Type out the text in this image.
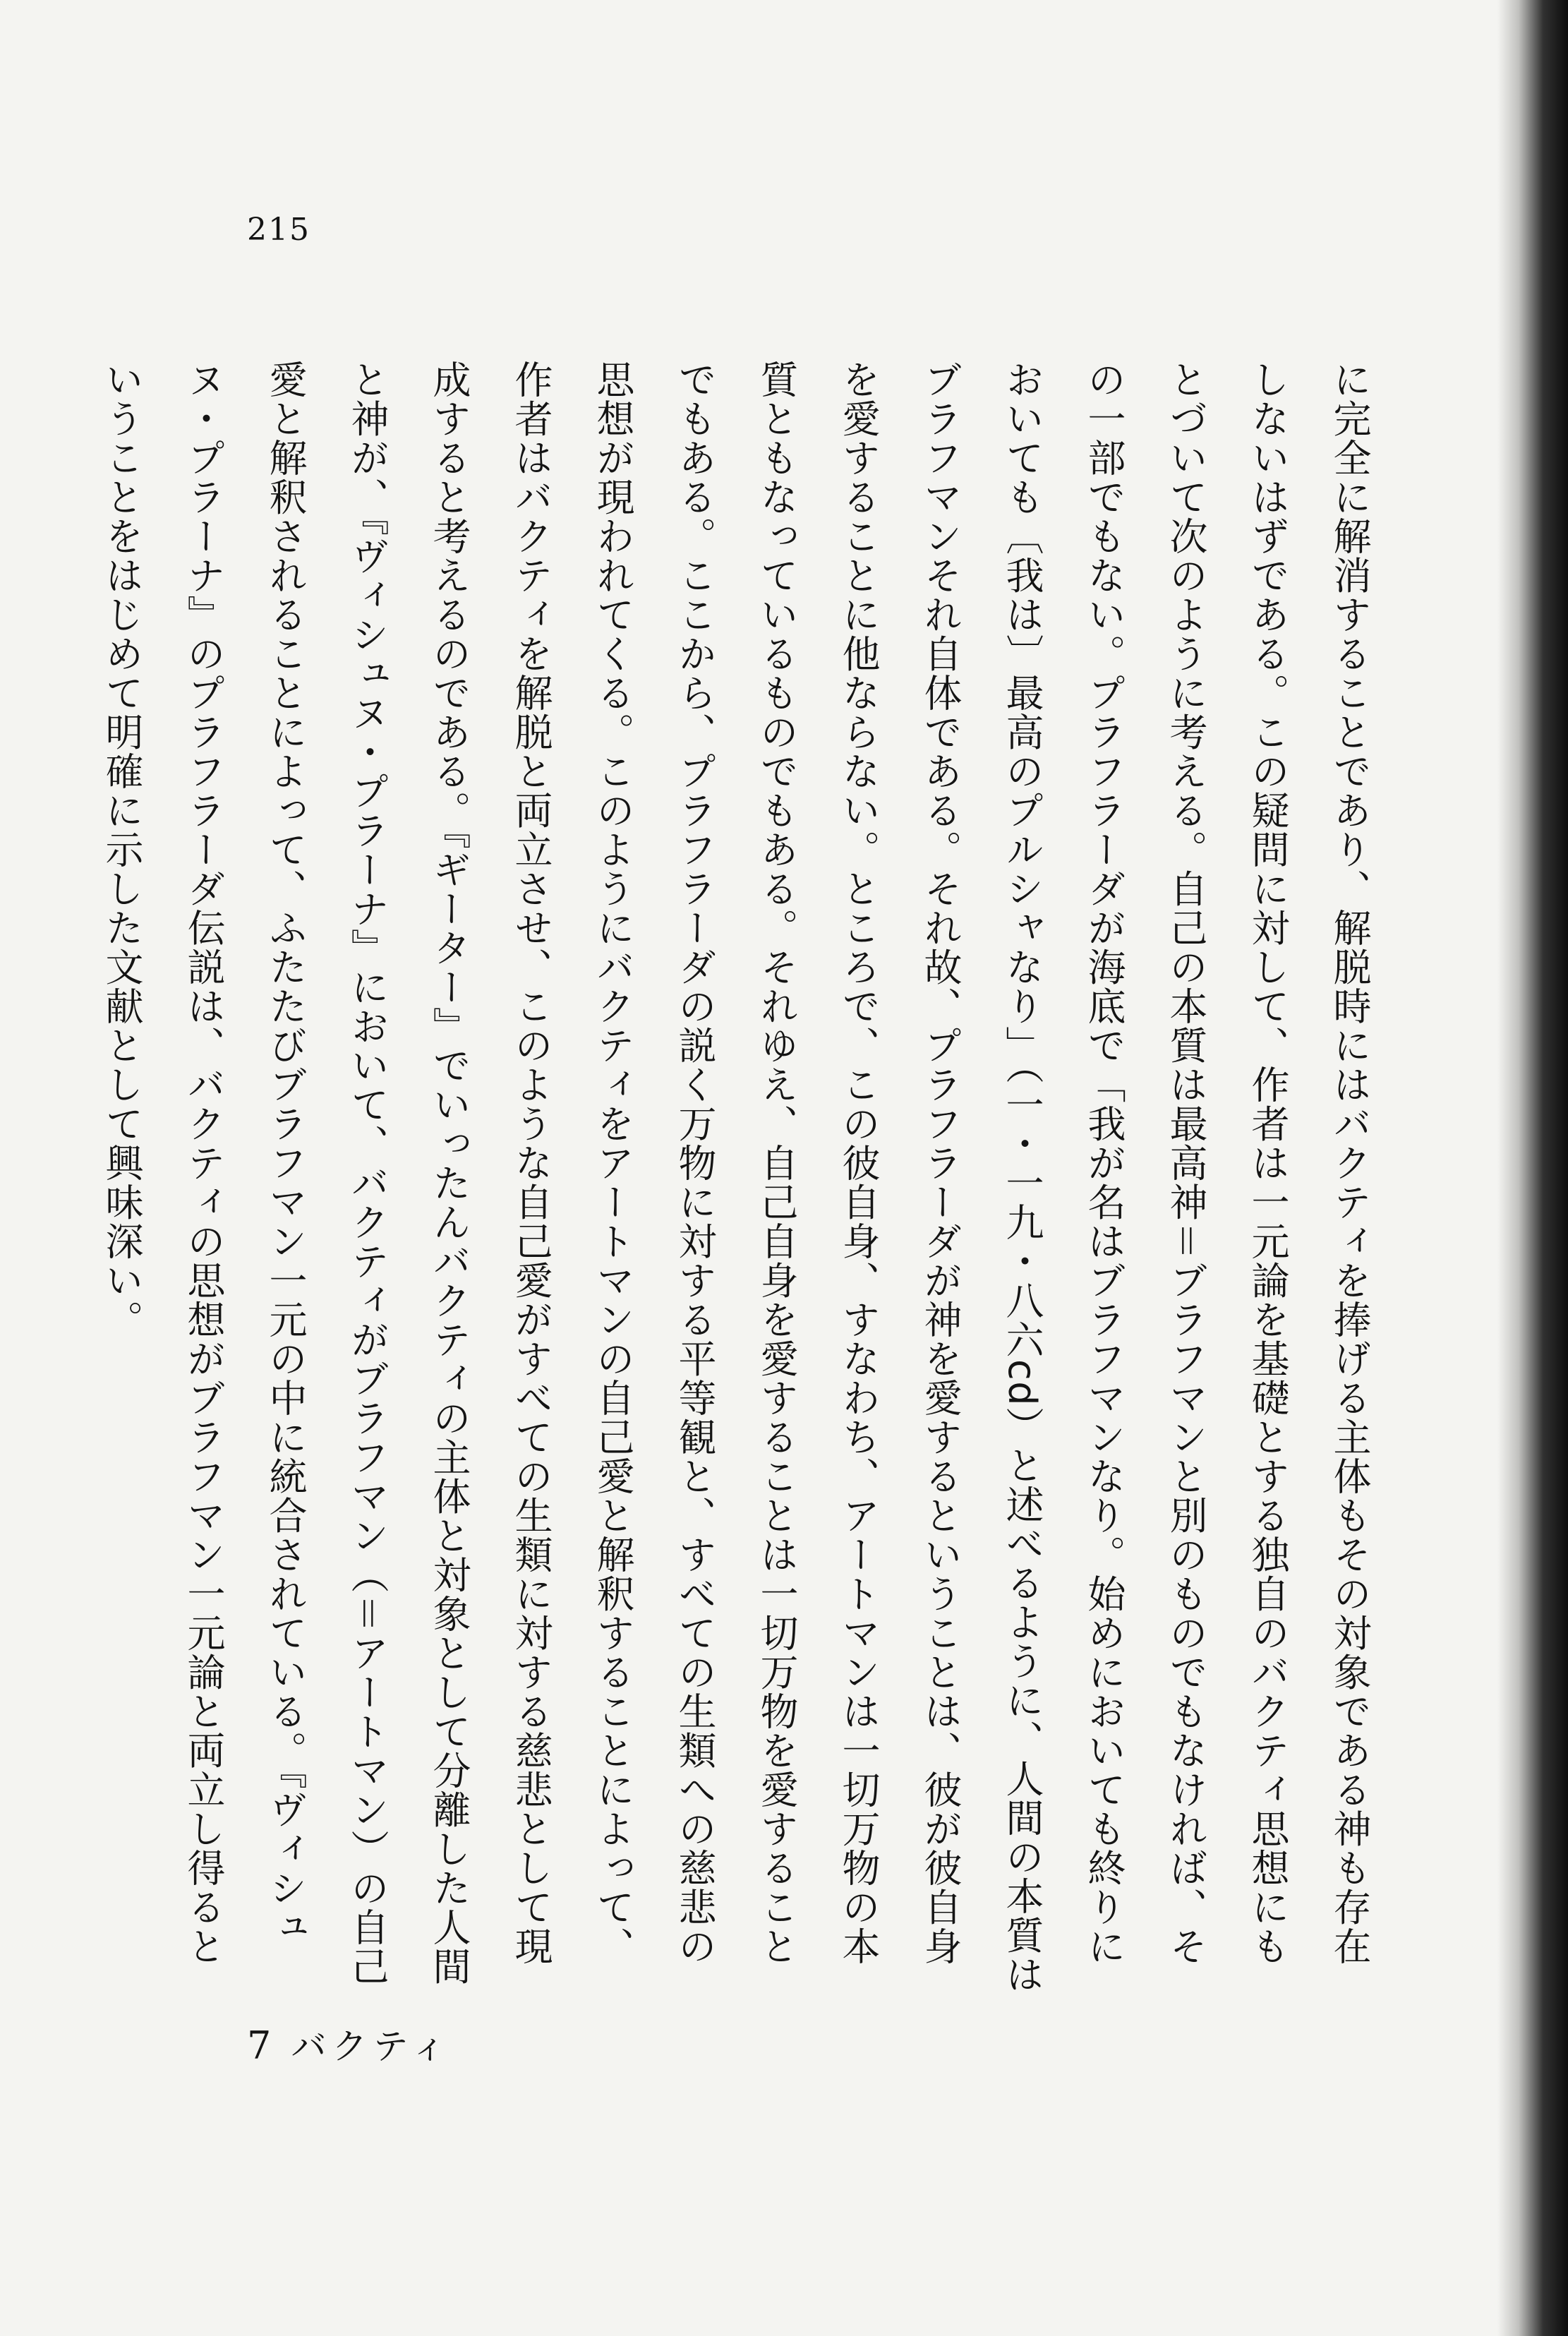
215

に完全に解消することであり、解脱時にはバクティを捧げる主体もその対象である神も存在しないはずである。この疑問に対して、作者は一元論を基礎とする独自のバクティ思想にもとづいて次のように考える。自己の本質は最高神＝ブラフマンと別のものでもなければ、その一部でもない。プラフラーダが海底で「我が名はブラフマンなり。始めにおいても終りにおいても〔我は〕最高のプルシャなり」（一・一九・八六cd）と述べるように、人間の本質はブラフマンそれ自体である。それ故、プラフラーダが神を愛するということは、彼が彼自身を愛することに他ならない。ところで、この彼自身、すなわち、アートマンは一切万物の本質ともなっているものでもある。それゆえ、自己自身を愛することは一切万物を愛することでもある。ここから、プラフラーダの説く万物に対する平等観と、すべての生類への慈悲の思想が現われてくる。このようにバクティをアートマンの自己愛と解釈することによって、作者はバクティを解脱と両立させ、このような自己愛がすべての生類に対する慈悲として現成すると考えるのである。『ギーター』でいったんバクティの主体と対象として分離した人間と神が、『ヴィシュヌ・プラーナ』において、バクティがブラフマン（＝アートマン）の自己愛と解釈されることによって、ふたたびブラフマン一元の中に統合されている。『ヴィシュヌ・プラーナ』のプラフラーダ伝説は、バクティの思想がブラフマン一元論と両立し得るということをはじめて明確に示した文献として興味深い。

7 バクティ
